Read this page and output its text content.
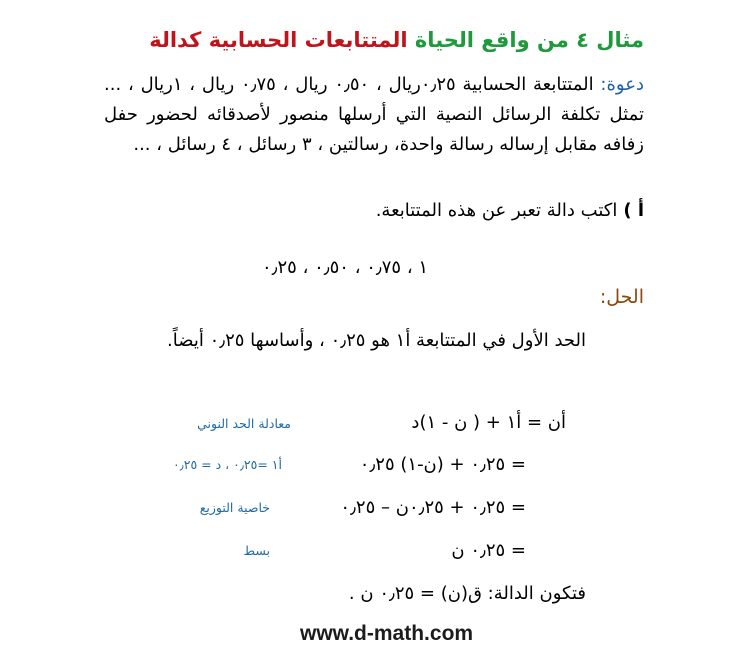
مثال ٤ من واقع الحياة المتتابعات الحسابية كدالة
دعوة: المتتابعة الحسابية ٠٫٢٥ريال ، ٠٫٥٠ ريال ، ٠٫٧٥ ريال ، ١ريال ، ... تمثل تكلفة الرسائل النصية التي أرسلها منصور لأصدقائه لحضور حفل زفافه مقابل إرساله رسالة واحدة، رسالتين ، ٣ رسائل ، ٤ رسائل ، ...
أ )اكتب دالة تعبر عن هذه المتتابعة.
١ ، ٠٫٧٥ ، ٠٫٥٠ ، ٠٫٢٥
الحل:
الحد الأول في المتتابعة أ١ هو ٠٫٢٥ ، وأساسها ٠٫٢٥ أيضاً.
أن = أ١ + ( ن - ١)د
معادلة الحد النوني
= ٠٫٢٥ + (ن-١) ٠٫٢٥
أ١ =٠٫٢٥ ، د = ٠٫٢٥
= ٠٫٢٥ + ٠٫٢٥ن – ٠٫٢٥
خاصية التوزيع
= ٠٫٢٥ ن
بسط
فتكون الدالة: ق(ن) = ٠٫٢٥ ن .
www.d-math.com
